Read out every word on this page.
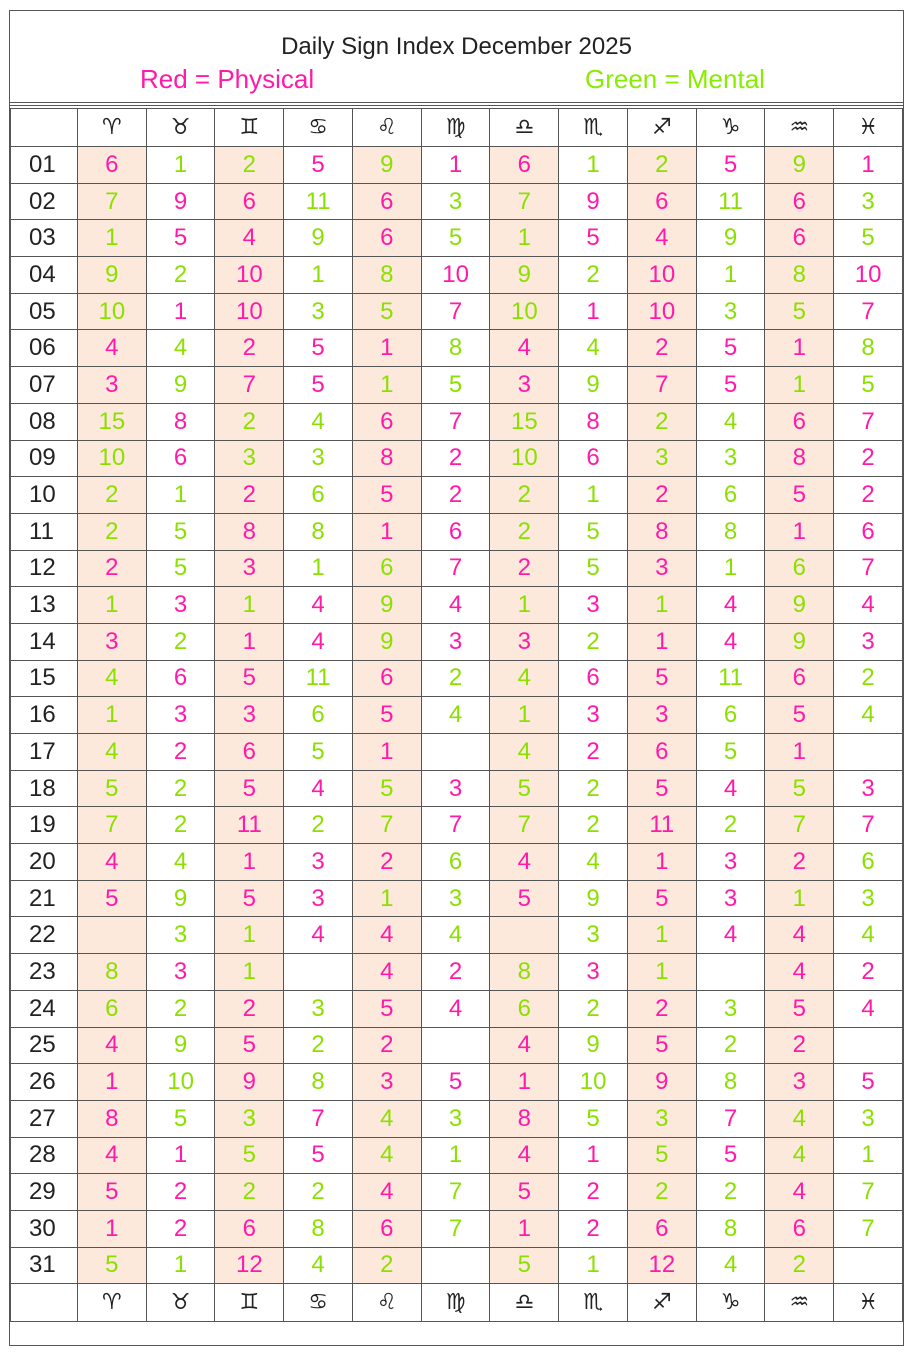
Daily Sign Index December 2025
Red = Physical	Green = Mental
	♈	♉	♊	♋	♌	♍	♎	♏	♐	♑	♒	♓
01	6	1	2	5	9	1	6	1	2	5	9	1
02	7	9	6	11	6	3	7	9	6	11	6	3
03	1	5	4	9	6	5	1	5	4	9	6	5
04	9	2	10	1	8	10	9	2	10	1	8	10
05	10	1	10	3	5	7	10	1	10	3	5	7
06	4	4	2	5	1	8	4	4	2	5	1	8
07	3	9	7	5	1	5	3	9	7	5	1	5
08	15	8	2	4	6	7	15	8	2	4	6	7
09	10	6	3	3	8	2	10	6	3	3	8	2
10	2	1	2	6	5	2	2	1	2	6	5	2
11	2	5	8	8	1	6	2	5	8	8	1	6
12	2	5	3	1	6	7	2	5	3	1	6	7
13	1	3	1	4	9	4	1	3	1	4	9	4
14	3	2	1	4	9	3	3	2	1	4	9	3
15	4	6	5	11	6	2	4	6	5	11	6	2
16	1	3	3	6	5	4	1	3	3	6	5	4
17	4	2	6	5	1		4	2	6	5	1	
18	5	2	5	4	5	3	5	2	5	4	5	3
19	7	2	11	2	7	7	7	2	11	2	7	7
20	4	4	1	3	2	6	4	4	1	3	2	6
21	5	9	5	3	1	3	5	9	5	3	1	3
22		3	1	4	4	4		3	1	4	4	4
23	8	3	1		4	2	8	3	1		4	2
24	6	2	2	3	5	4	6	2	2	3	5	4
25	4	9	5	2	2		4	9	5	2	2	
26	1	10	9	8	3	5	1	10	9	8	3	5
27	8	5	3	7	4	3	8	5	3	7	4	3
28	4	1	5	5	4	1	4	1	5	5	4	1
29	5	2	2	2	4	7	5	2	2	2	4	7
30	1	2	6	8	6	7	1	2	6	8	6	7
31	5	1	12	4	2		5	1	12	4	2	
	♈	♉	♊	♋	♌	♍	♎	♏	♐	♑	♒	♓
